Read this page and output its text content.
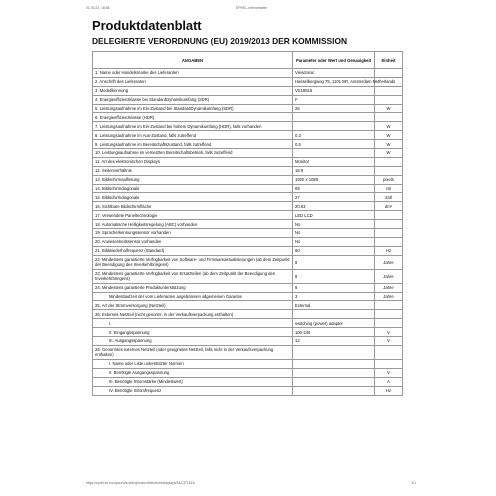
01.03.22, 16:58	EPREL-Internetseite
Produktdatenblatt
DELEGIERTE VERORDNUNG (EU) 2019/2013 DER KOMMISSION
ANGABEN	Parameter oder Wert und Genauigkeit	Einheit
1. Name oder Handelsmarke des Lieferanten	ViewSonic	
2. Anschrift des Lieferanten	Hasselbergweg 75, 1101 BR, Amsterdam Netherlands	
3. Modellkennung	VS18815	
4. Energieeffizienzklasse bei StandardDynamikumfang (SDR)	F	
5. Leistungsaufnahme im Ein-Zustand bei StandardDynamikumfang (SDR)	26	W
6. Energieeffizienzklasse (HDR)		
7. Leistungsaufnahme im Ein-Zustand bei hohem Dynamikumfang (HDR), falls vorhanden		W
8. Leistungsaufnahme im Aus-Zustand, falls zutreffend	0.3	W
9. Leistungsaufnahme im Bereitschaftszustand, falls zutreffend	0.5	W
10. Leistungsaufnahme im vernetzten Bereitschaftsbetrieb, falls zutreffend		W
11. Art des elektronischen Displays	Monitor	
12. Seitenverhältnis	16:9	
13. Bildschirmauflösung	1920 x 1080	pixels
14. Bildschirmdiagonale	69	cm
15. Bildschirmdiagonale	27	Zoll
16. Sichtbare Bildschirmfläche	20.03	dm²
17. Verwendete Paneltechnologie	LED LCD	
18. Automatische Helligkeitsregelung (ABC) vorhanden	No	
19. Spracherkennungssensor vorhanden	No	
20. Anwesenheitssensor vorhanden	No	
21. Bildwiederholfrequenz (Standard)	60	Hz
22. Mindestens garantierte Verfügbarkeit von Software- und Firmwareaktualisierungen (ab dem Zeitpunkt der Beendigung des Inverkehrbringens)	8	Jahre
23. Mindestens garantierte Verfügbarkeit von Ersatzteilen (ab dem Zeitpunkt der Beendigung des Inverkehrbringens)	8	Jahre
24. Mindestens garantierte Produktunterstützung	8	Jahre
Mindestlaufzeit der vom Lieferanten angebotenen allgemeinen Garantie	3	Jahre
25. Art der Stromversorgung (Netzteil)	External	
26. Externes Netzteil (nicht genormt, in der Verkaufsverpackung enthalten)		
I.	switching (power) adapter	
II. Eingangsspannung	100-240	V
III. Ausgangsspannung	12	V
26. Genormtes externes Netzteil (oder geeignetes Netzteil, falls nicht in der Verkaufsverpackung enthalten)		
I. Name oder Liste unterstützter Normen		
II. Benötigte Ausgangsspannung		V
III. Benötigte Stromstärke (Mindestwert)		A
IV. Benötigte Stromfrequenz		Hz
https://eprel.ec.europa.eu/screen/product/electronicdisplays/3AC37181A	1/1
